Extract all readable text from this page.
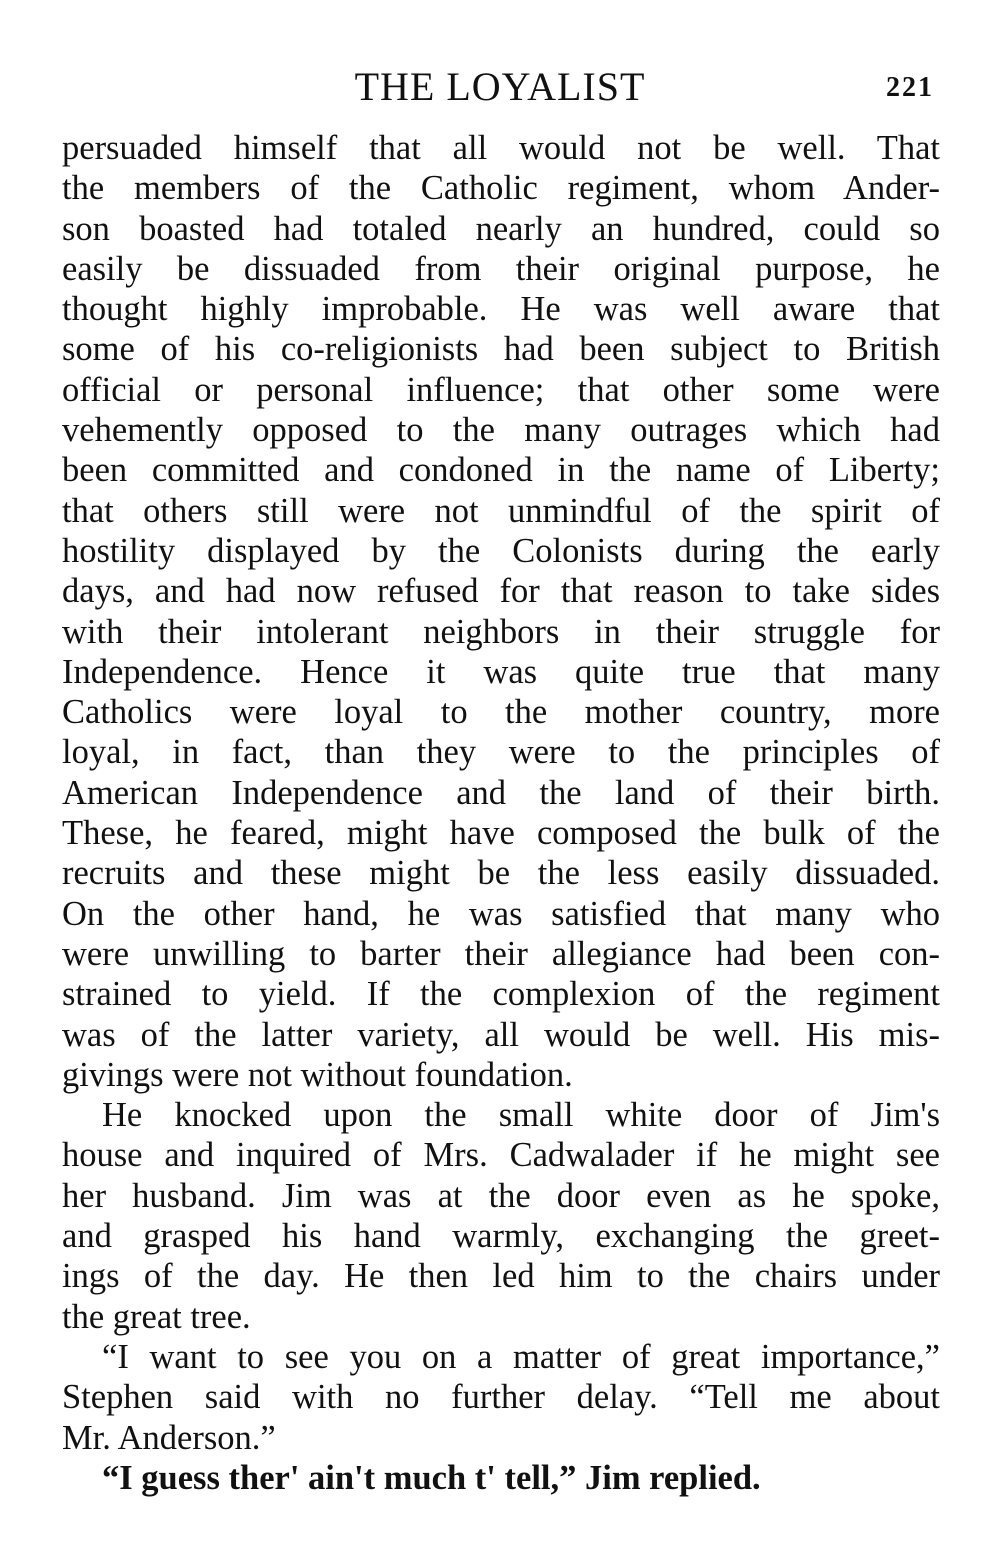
THE LOYALIST	221
persuaded himself that all would not be well. That
the members of the Catholic regiment, whom Ander-
son boasted had totaled nearly an hundred, could so
easily be dissuaded from their original purpose, he
thought highly improbable. He was well aware that
some of his co-religionists had been subject to British
official or personal influence; that other some were
vehemently opposed to the many outrages which had
been committed and condoned in the name of Liberty;
that others still were not unmindful of the spirit of
hostility displayed by the Colonists during the early
days, and had now refused for that reason to take sides
with their intolerant neighbors in their struggle for
Independence. Hence it was quite true that many
Catholics were loyal to the mother country, more
loyal, in fact, than they were to the principles of
American Independence and the land of their birth.
These, he feared, might have composed the bulk of the
recruits and these might be the less easily dissuaded.
On the other hand, he was satisfied that many who
were unwilling to barter their allegiance had been con-
strained to yield. If the complexion of the regiment
was of the latter variety, all would be well. His mis-
givings were not without foundation.
He knocked upon the small white door of Jim's
house and inquired of Mrs. Cadwalader if he might see
her husband. Jim was at the door even as he spoke,
and grasped his hand warmly, exchanging the greet-
ings of the day. He then led him to the chairs under
the great tree.
“I want to see you on a matter of great importance,”
Stephen said with no further delay. “Tell me about
Mr. Anderson.”
“I guess ther' ain't much t' tell,” Jim replied.
